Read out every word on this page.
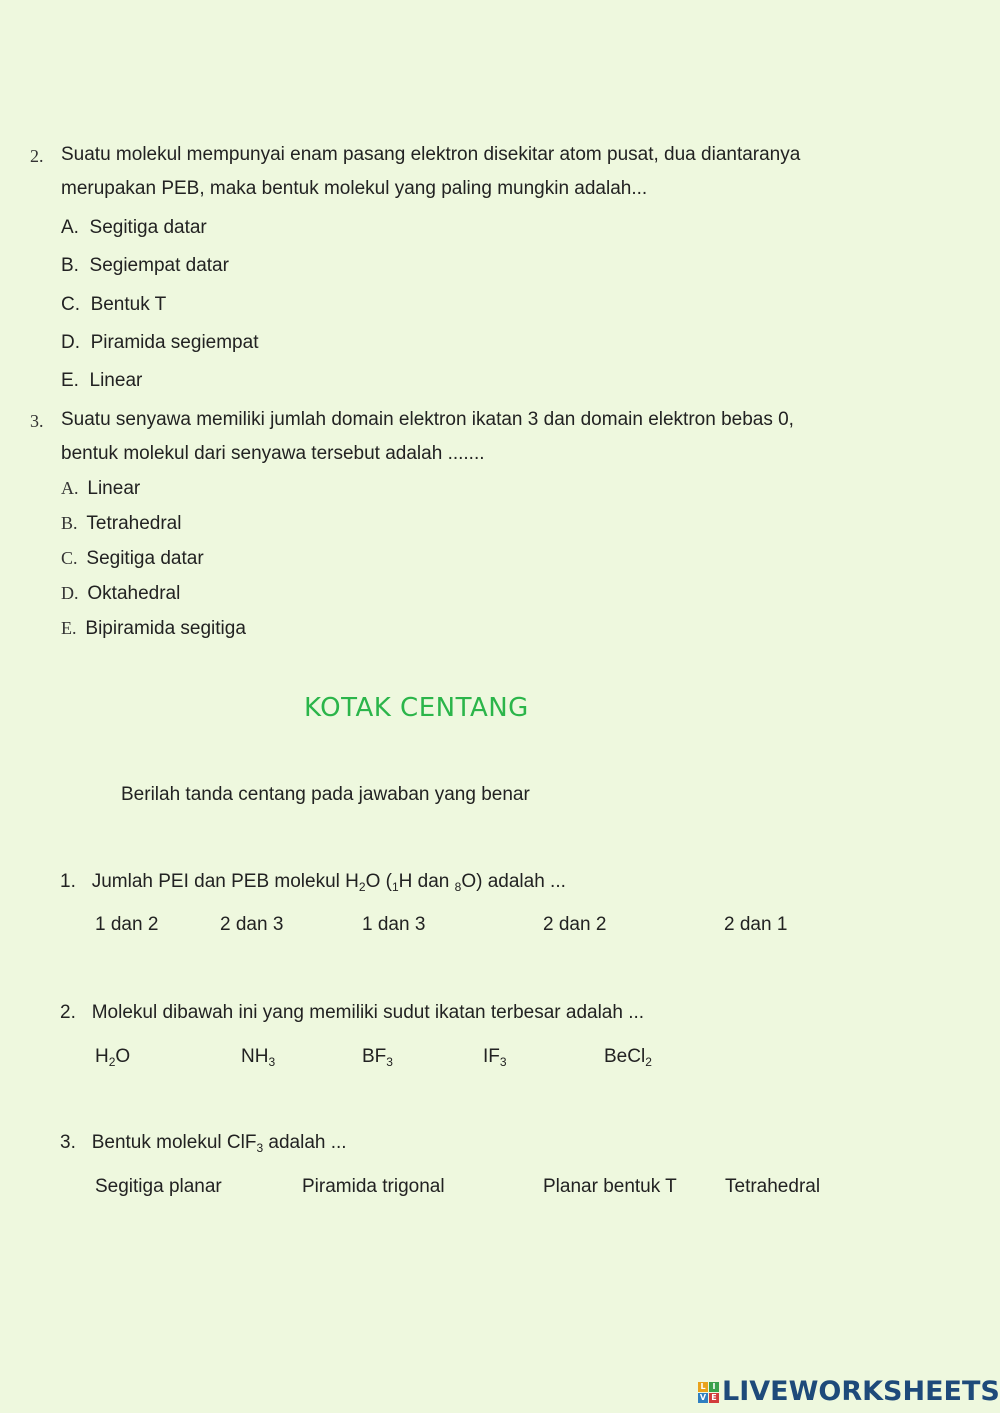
2. Suatu molekul mempunyai enam pasang elektron disekitar atom pusat, dua diantaranya
merupakan PEB, maka bentuk molekul yang paling mungkin adalah...
A. Segitiga datar
B. Segiempat datar
C. Bentuk T
D. Piramida segiempat
E. Linear
3. Suatu senyawa memiliki jumlah domain elektron ikatan 3 dan domain elektron bebas 0,
bentuk molekul dari senyawa tersebut adalah .......
A. Linear
B. Tetrahedral
C. Segitiga datar
D. Oktahedral
E. Bipiramida segitiga
KOTAK CENTANG
Berilah tanda centang pada jawaban yang benar
1. Jumlah PEI dan PEB molekul $H_2O$ ($_1H$ dan $_8$O) adalah ...
1 dan 2	2 dan 3	1 dan 3	2 dan 2	2 dan 1
2. Molekul dibawah ini yang memiliki sudut ikatan terbesar adalah ...
$H_2O$	$NH_3$	$BF_3$	$IF_3$	BeCl$_2$
3. Bentuk molekul ClF$_3$ adalah ...
Segitiga planar	Piramida trigonal	Planar bentuk T	Tetrahedral
L I
V E LIVEWORKSHEETS
